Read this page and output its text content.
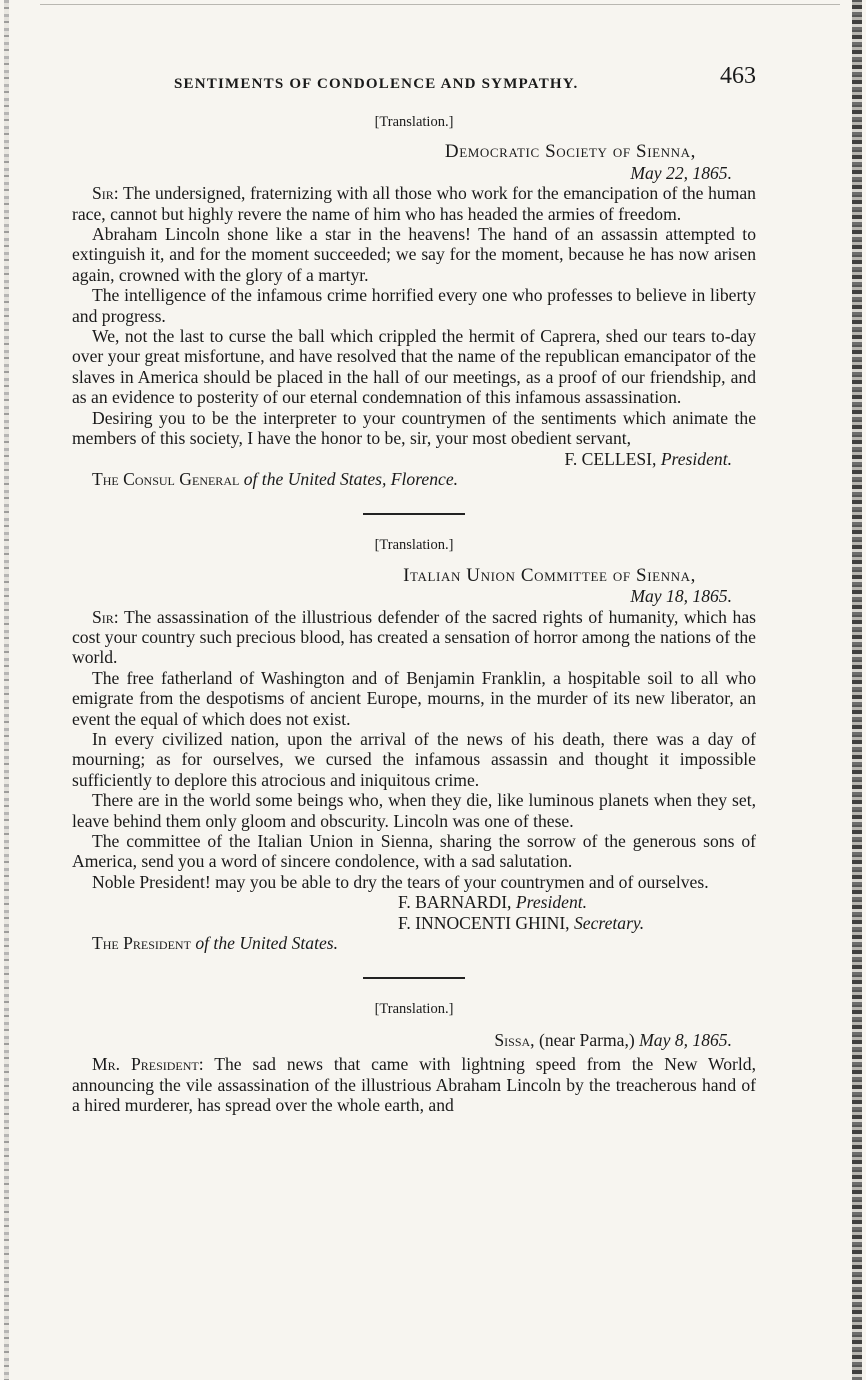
SENTIMENTS OF CONDOLENCE AND SYMPATHY.	463
[Translation.]
Democratic Society of Sienna,
May 22, 1865.

Sir: The undersigned, fraternizing with all those who work for the emancipation of the human race, cannot but highly revere the name of him who has headed the armies of freedom.

Abraham Lincoln shone like a star in the heavens! The hand of an assassin attempted to extinguish it, and for the moment succeeded; we say for the moment, because he has now arisen again, crowned with the glory of a martyr.

The intelligence of the infamous crime horrified every one who professes to believe in liberty and progress.

We, not the last to curse the ball which crippled the hermit of Caprera, shed our tears to-day over your great misfortune, and have resolved that the name of the republican emancipator of the slaves in America should be placed in the hall of our meetings, as a proof of our friendship, and as an evidence to posterity of our eternal condemnation of this infamous assassination.

Desiring you to be the interpreter to your countrymen of the sentiments which animate the members of this society, I have the honor to be, sir, your most obedient servant,

F. CELLESI, President.
The Consul General of the United States, Florence.
[Translation.]
Italian Union Committee of Sienna,
May 18, 1865.

Sir: The assassination of the illustrious defender of the sacred rights of humanity, which has cost your country such precious blood, has created a sensation of horror among the nations of the world.

The free fatherland of Washington and of Benjamin Franklin, a hospitable soil to all who emigrate from the despotisms of ancient Europe, mourns, in the murder of its new liberator, an event the equal of which does not exist.

In every civilized nation, upon the arrival of the news of his death, there was a day of mourning; as for ourselves, we cursed the infamous assassin and thought it impossible sufficiently to deplore this atrocious and iniquitous crime.

There are in the world some beings who, when they die, like luminous planets when they set, leave behind them only gloom and obscurity. Lincoln was one of these.

The committee of the Italian Union in Sienna, sharing the sorrow of the generous sons of America, send you a word of sincere condolence, with a sad salutation.

Noble President! may you be able to dry the tears of your countrymen and of ourselves.

F. BARNARDI, President.
F. INNOCENTI GHINI, Secretary.
The President of the United States.
[Translation.]
Sissa, (near Parma,) May 8, 1865.

Mr. President: The sad news that came with lightning speed from the New World, announcing the vile assassination of the illustrious Abraham Lincoln by the treacherous hand of a hired murderer, has spread over the whole earth, and
